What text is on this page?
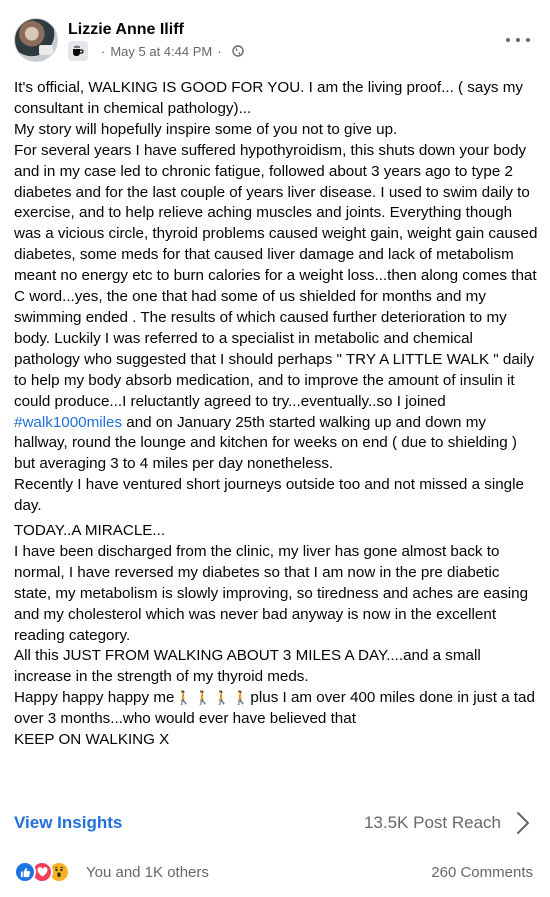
Lizzie Anne Iliff
· May 5 at 4:44 PM ·

It's official, WALKING IS GOOD FOR YOU. I am the living proof... ( says my consultant in chemical pathology)...

My story will hopefully inspire some of you not to give up.

For several years I have suffered hypothyroidism, this shuts down your body and in my case led to chronic fatigue, followed about 3 years ago to type 2 diabetes and for the last couple of years liver disease. I used to swim daily to exercise, and to help relieve aching muscles and joints. Everything though was a vicious circle, thyroid problems caused weight gain, weight gain caused diabetes, some meds for that caused liver damage and lack of metabolism meant no energy etc to burn calories for a weight loss...then along comes that C word...yes, the one that had some of us shielded for months and my swimming ended . The results of which caused further deterioration to my body. Luckily I was referred to a specialist in metabolic and chemical pathology who suggested that I should perhaps " TRY A LITTLE WALK " daily to help my body absorb medication, and to improve the amount of insulin it could produce...I reluctantly agreed to try...eventually..so I joined #walk1000miles and on January 25th started walking up and down my hallway, round the lounge and kitchen for weeks on end ( due to shielding ) but averaging 3 to 4 miles per day nonetheless.

Recently I have ventured short journeys outside too and not missed a single day.

TODAY..A MIRACLE...

I have been discharged from the clinic, my liver has gone almost back to normal, I have reversed my diabetes so that I am now in the pre diabetic state, my metabolism is slowly improving, so tiredness and aches are easing and my cholesterol which was never bad anyway is now in the excellent reading category.

All this JUST FROM WALKING ABOUT 3 MILES A DAY....and a small increase in the strength of my thyroid meds.

Happy happy happy me🚶 🚶 🚶 🚶plus I am over 400 miles done in just a tad over 3 months...who would ever have believed that

KEEP ON WALKING X

View Insights	13.5K Post Reach
You and 1K others	260 Comments
